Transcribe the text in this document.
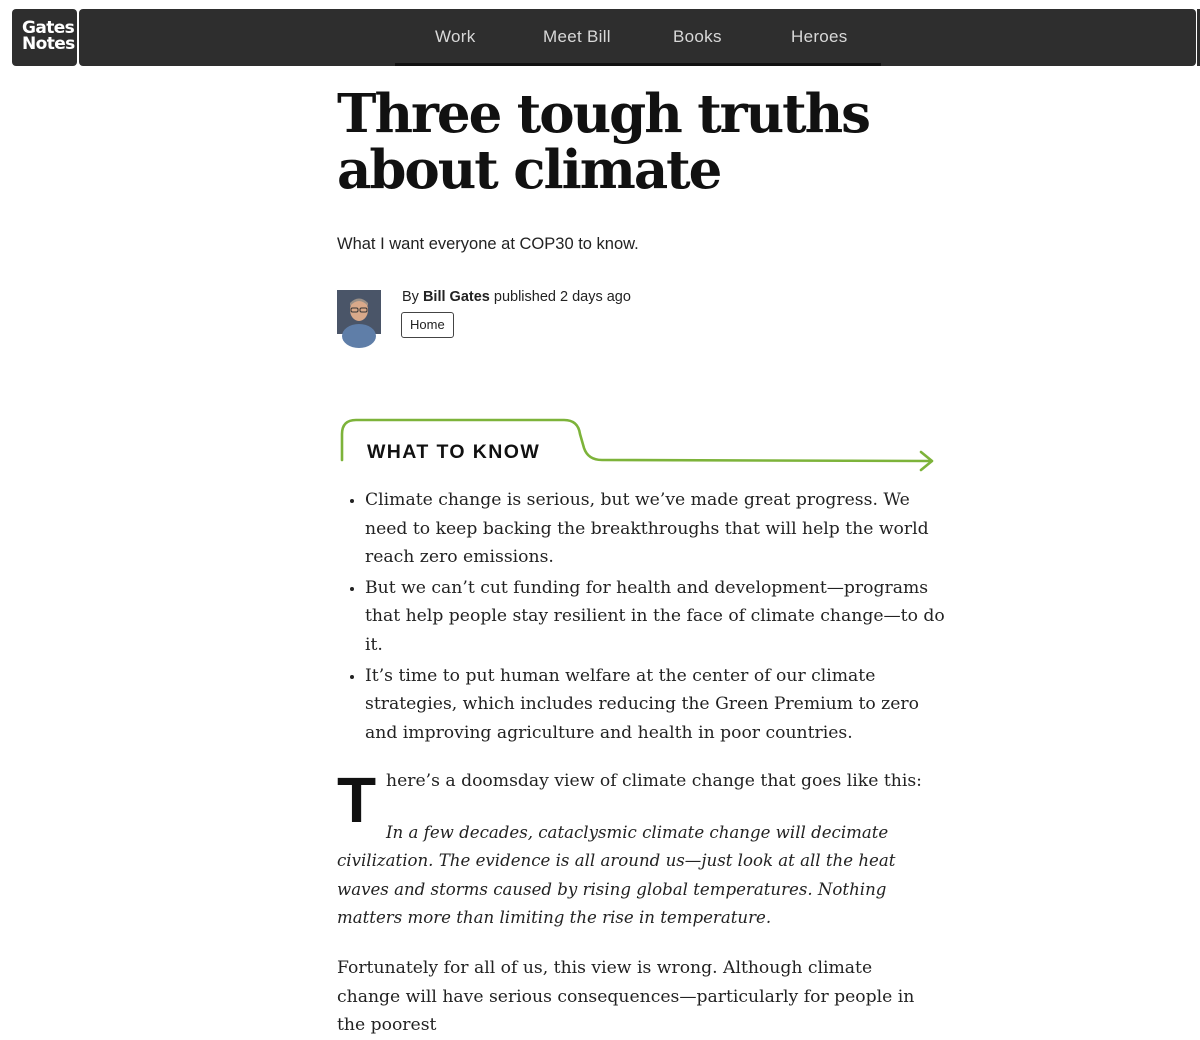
Gates
Notes	Work	Meet Bill	Books	Heroes
Three tough truths about climate
What I want everyone at COP30 to know.
By Bill Gates published 2 days ago
Home
WHAT TO KNOW
• Climate change is serious, but we’ve made great progress. We need to keep backing the breakthroughs that will help the world reach zero emissions.
• But we can’t cut funding for health and development—programs that help people stay resilient in the face of climate change—to do it.
• It’s time to put human welfare at the center of our climate strategies, which includes reducing the Green Premium to zero and improving agriculture and health in poor countries.
T here’s a doomsday view of climate change that goes like this:

In a few decades, cataclysmic climate change will decimate civilization. The evidence is all around us—just look at all the heat waves and storms caused by rising global temperatures. Nothing matters more than limiting the rise in temperature.

Fortunately for all of us, this view is wrong. Although climate change will have serious consequences—particularly for people in the poorest
